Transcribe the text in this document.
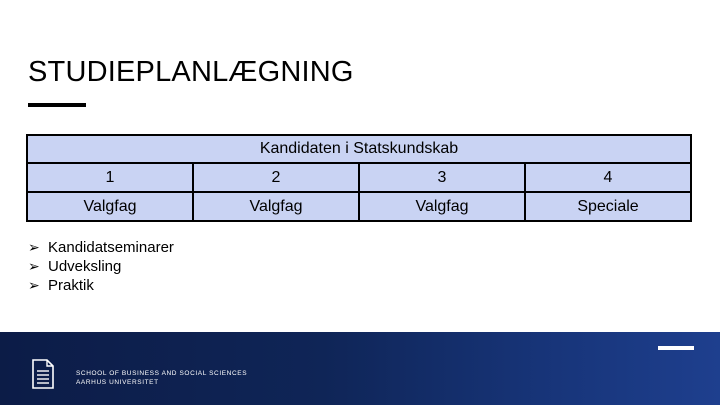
STUDIEPLANLÆGNING
Kandidaten i Statskundskab			
1	2	3	4
Valgfag	Valgfag	Valgfag	Speciale
➢ Kandidatseminarer
➢ Udveksling
➢ Praktik
SCHOOL OF BUSINESS AND SOCIAL SCIENCES
AARHUS UNIVERSITET
